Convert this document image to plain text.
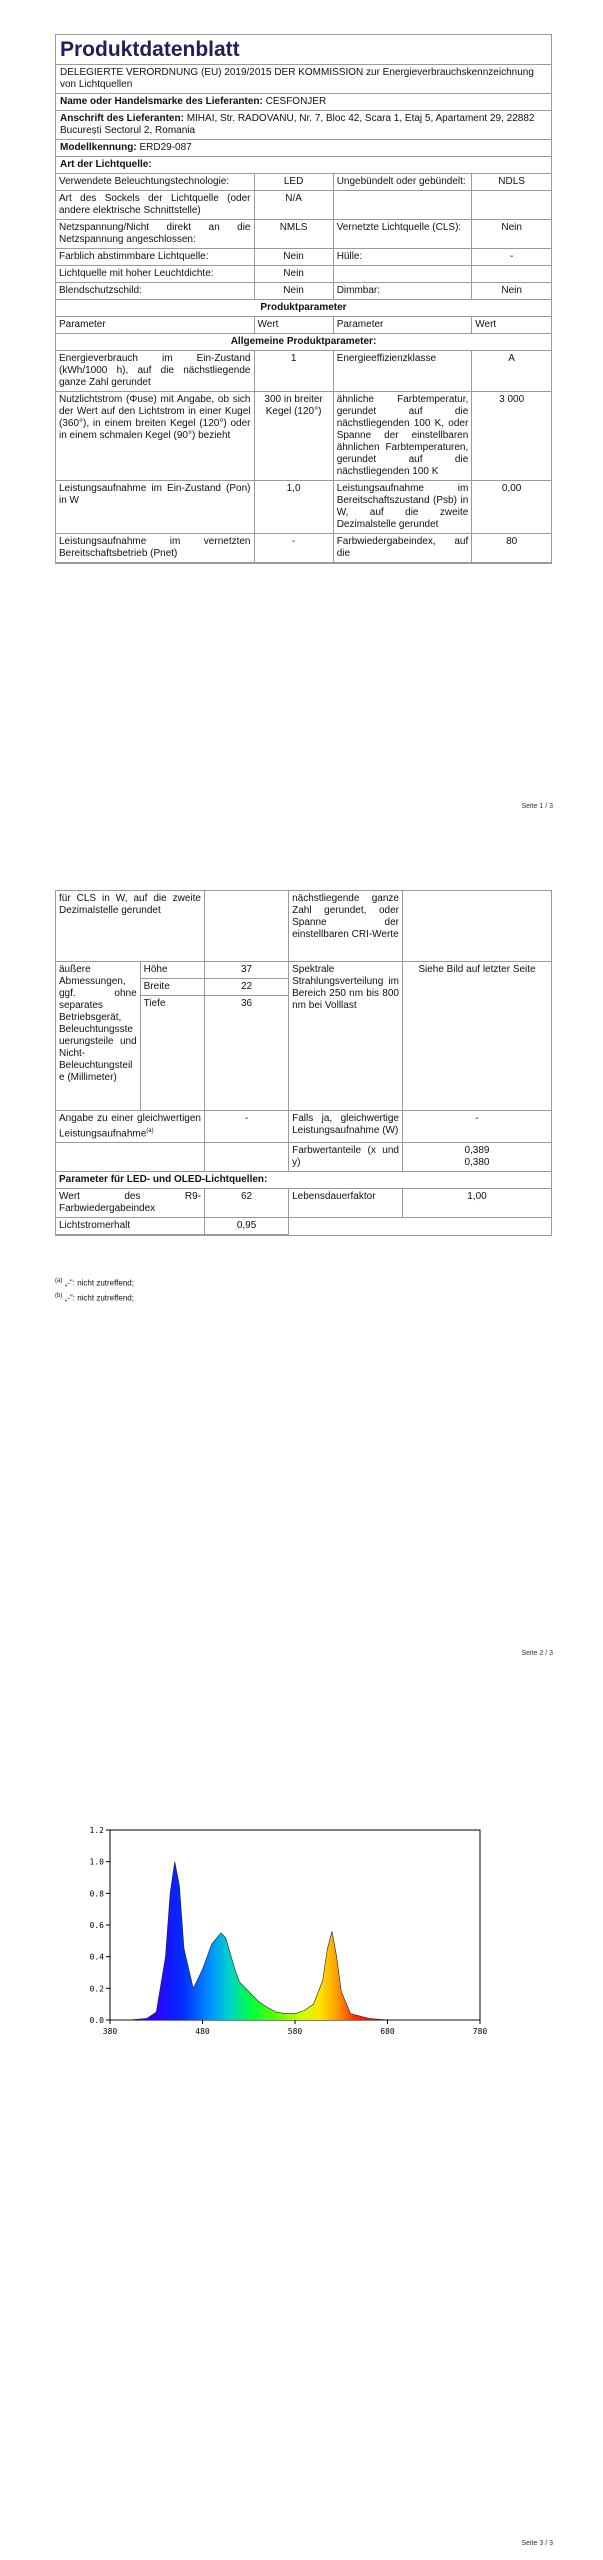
Produktdatenblatt
DELEGIERTE VERORDNUNG (EU) 2019/2015 DER KOMMISSION zur Energieverbrauchskennzeichnung von Lichtquellen
Name oder Handelsmarke des Lieferanten: CESFONJER
Anschrift des Lieferanten: MIHAI, Str. RADOVANU, Nr. 7, Bloc 42, Scara 1, Etaj 5, Apartament 29, 22882 București Sectorul 2, Romania
Modellkennung: ERD29-087
Art der Lichtquelle:
Verwendete Beleuchtungstechnologie:	LED	Ungebündelt oder gebündelt:	NDLS
Art des Sockels der Lichtquelle (oder andere elektrische Schnittstelle)	N/A		
Netzspannung/Nicht direkt an die Netzspannung angeschlossen:	NMLS	Vernetzte Lichtquelle (CLS):	Nein
Farblich abstimmbare Lichtquelle:	Nein	Hülle:	-
Lichtquelle mit hoher Leuchtdichte:	Nein		
Blendschutzschild:	Nein	Dimmbar:	Nein
Produktparameter			
Parameter	Wert	Parameter	Wert
Allgemeine Produktparameter:			
Energieverbrauch im Ein-Zustand (kWh/1000 h), auf die nächstliegende ganze Zahl gerundet	1	Energieeffizienzklasse	A
Nutzlichtstrom (Φuse) mit Angabe, ob sich der Wert auf den Lichtstrom in einer Kugel (360°), in einem breiten Kegel (120°) oder in einem schmalen Kegel (90°) bezieht	300 in breiter Kegel (120°)	ähnliche Farbtemperatur, gerundet auf die nächstliegenden 100 K, oder Spanne der einstellbaren ähnlichen Farbtemperaturen, gerundet auf die nächstliegenden 100 K	3 000
Leistungsaufnahme im Ein-Zustand (Pon) in W	1,0	Leistungsaufnahme im Bereitschaftszustand (Psb) in W, auf die zweite Dezimalstelle gerundet	0,00
Leistungsaufnahme im vernetzten Bereitschaftsbetrieb (Pnet)	-	Farbwiedergabeindex, auf die	80
Seite 1 / 3
für CLS in W, auf die zweite Dezimalstelle gerundet			nächstliegende ganze Zahl gerundet, oder Spanne der einstellbaren CRI-Werte	
äußere Abmessungen, ggf. ohne separates Betriebsgerät, Beleuchtungssteuerungsteile und Nicht-Beleuchtungsteile (Millimeter)	Höhe	37	Spektrale Strahlungsverteilung im Bereich 250 nm bis 800 nm bei Volllast	Siehe Bild auf letzter Seite
	Breite	22		
	Tiefe	36		
Angabe zu einer gleichwertigen Leistungsaufnahme$^{(a)}$		-	Falls ja, gleichwertige Leistungsaufnahme (W)	-
			Farbwertanteile (x und y)	0,389
0,380

Parameter für LED- und OLED-Lichtquellen:				
Wert des R9-Farbwiedergabeindex		62	Lebensdauerfaktor	1,00
Lichtstromerhalt		0,95		
$^{(a)}$ „-": nicht zutreffend;
$^{(b)}$ „-": nicht zutreffend;
Seite 2 / 3
0.0
0.2
0.4
0.6
0.8
1.0
1.2
380	480	580	680	780
Seite 3 / 3
